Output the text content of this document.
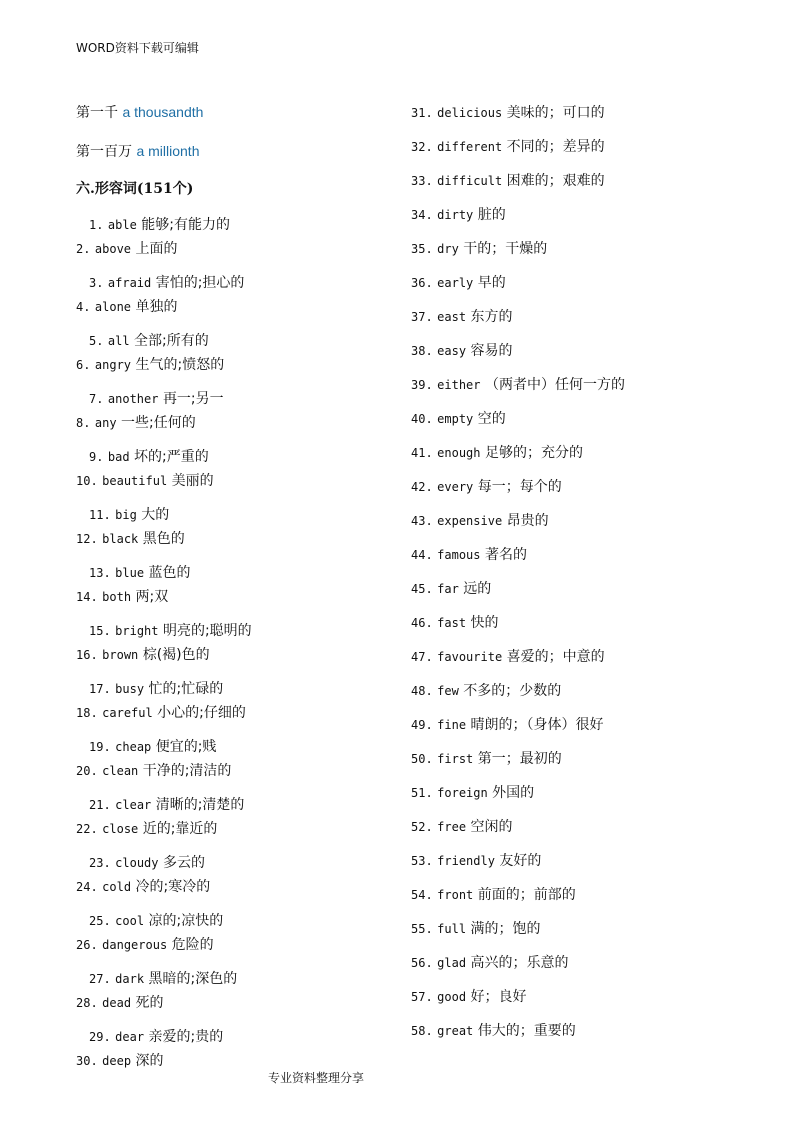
WORD资料下载可编辑
第一千 a thousandth
第一百万 a millionth
六.形容词(151个)
1. able 能够;有能力的
2. above 上面的
3. afraid 害怕的;担心的
4. alone 单独的
5. all 全部;所有的
6. angry 生气的;愤怒的
7. another 再一;另一
8. any 一些;任何的
9. bad 坏的;严重的
10. beautiful 美丽的
11. big 大的
12. black 黑色的
13. blue 蓝色的
14. both 两;双
15. bright 明亮的;聪明的
16. brown 棕(褐)色的
17. busy 忙的;忙碌的
18. careful 小心的;仔细的
19. cheap 便宜的;贱
20. clean 干净的;清洁的
21. clear 清晰的;清楚的
22. close 近的;靠近的
23. cloudy 多云的
24. cold 冷的;寒冷的
25. cool 凉的;凉快的
26. dangerous 危险的
27. dark 黑暗的;深色的
28. dead 死的
29. dear 亲爱的;贵的
30. deep 深的
31. delicious 美味的；可口的
32. different 不同的；差异的
33. difficult 困难的；艰难的
34. dirty 脏的
35. dry 干的；干燥的
36. early 早的
37. east 东方的
38. easy 容易的
39. either （两者中）任何一方的
40. empty 空的
41. enough 足够的；充分的
42. every 每一；每个的
43. expensive 昂贵的
44. famous 著名的
45. far 远的
46. fast 快的
47. favourite 喜爱的；中意的
48. few 不多的；少数的
49. fine 晴朗的；（身体）很好
50. first 第一；最初的
51. foreign 外国的
52. free 空闲的
53. friendly 友好的
54. front 前面的；前部的
55. full 满的；饱的
56. glad 高兴的；乐意的
57. good 好；良好
58. great 伟大的；重要的
专业资料整理分享
